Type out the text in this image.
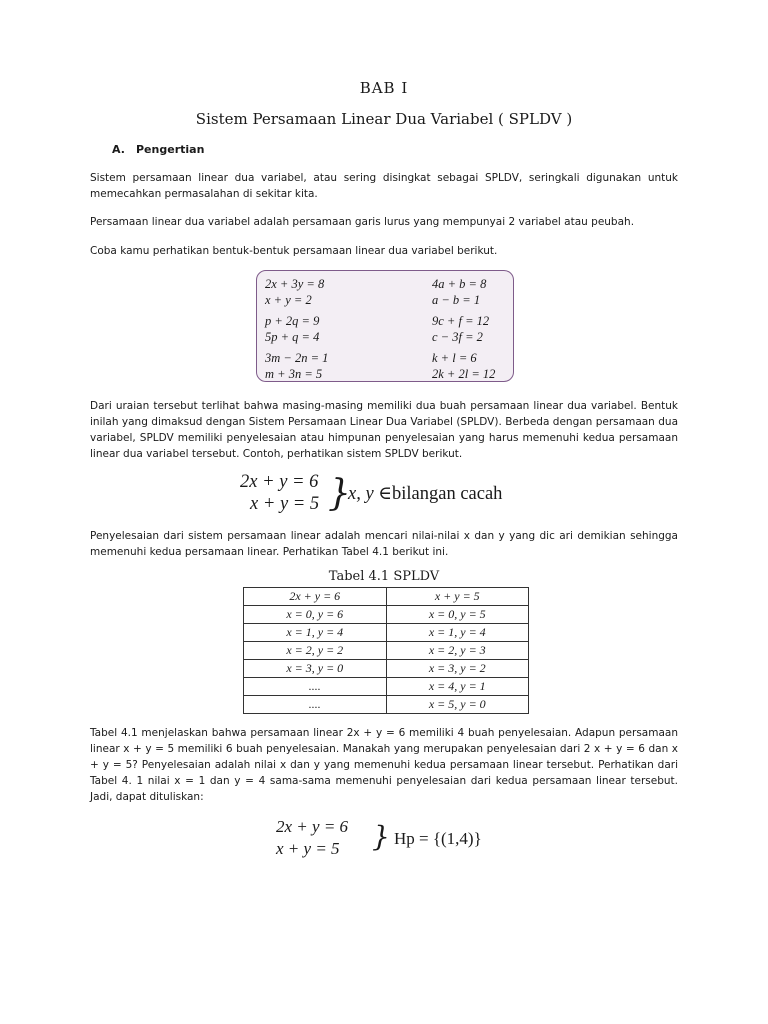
BAB I
Sistem Persamaan Linear Dua Variabel ( SPLDV )
A. Pengertian

Sistem persamaan linear dua variabel, atau sering disingkat sebagai SPLDV, seringkali digunakan untuk memecahkan permasalahan di sekitar kita.

Persamaan linear dua variabel adalah persamaan garis lurus yang mempunyai 2 variabel atau peubah.

Coba kamu perhatikan bentuk-bentuk persamaan linear dua variabel berikut.

2x + 3y = 8
x + y = 2
p + 2q = 9
5p + q = 4
3m − 2n = 1
m + 3n = 5
4a + b = 8
a − b = 1
9c + f = 12
c − 3f = 2
k + l = 6
2k + 2l = 12

Dari uraian tersebut terlihat bahwa masing-masing memiliki dua buah persamaan linear dua variabel. Bentuk inilah yang dimaksud dengan Sistem Persamaan Linear Dua Variabel (SPLDV). Berbeda dengan persamaan dua variabel, SPLDV memiliki penyelesaian atau himpunan penyelesaian yang harus memenuhi kedua persamaan linear dua variabel tersebut. Contoh, perhatikan sistem SPLDV berikut.

2x + y = 6
x + y = 5 }
x, y ∈bilangan cacah

Penyelesaian dari sistem persamaan linear adalah mencari nilai-nilai x dan y yang dic ari demikian sehingga memenuhi kedua persamaan linear. Perhatikan Tabel 4.1 berikut ini.

Tabel 4.1 SPLDV
2x + y = 6	x + y = 5
x = 0, y = 6	x = 0, y = 5
x = 1, y = 4	x = 1, y = 4
x = 2, y = 2	x = 2, y = 3
x = 3, y = 0	x = 3, y = 2
....	x = 4, y = 1
....	x = 5, y = 0

Tabel 4.1 menjelaskan bahwa persamaan linear 2x + y = 6 memiliki 4 buah penyelesaian. Adapun persamaan linear x + y = 5 memiliki 6 buah penyelesaian. Manakah yang merupakan penyelesaian dari 2 x + y = 6 dan x + y = 5? Penyelesaian adalah nilai x dan y yang memenuhi kedua persamaan linear tersebut. Perhatikan dari Tabel 4. 1 nilai x = 1 dan y = 4 sama-sama memenuhi penyelesaian dari kedua persamaan linear tersebut. Jadi, dapat dituliskan:

2x + y = 6
x + y = 5 } Hp = {(1,4)}
